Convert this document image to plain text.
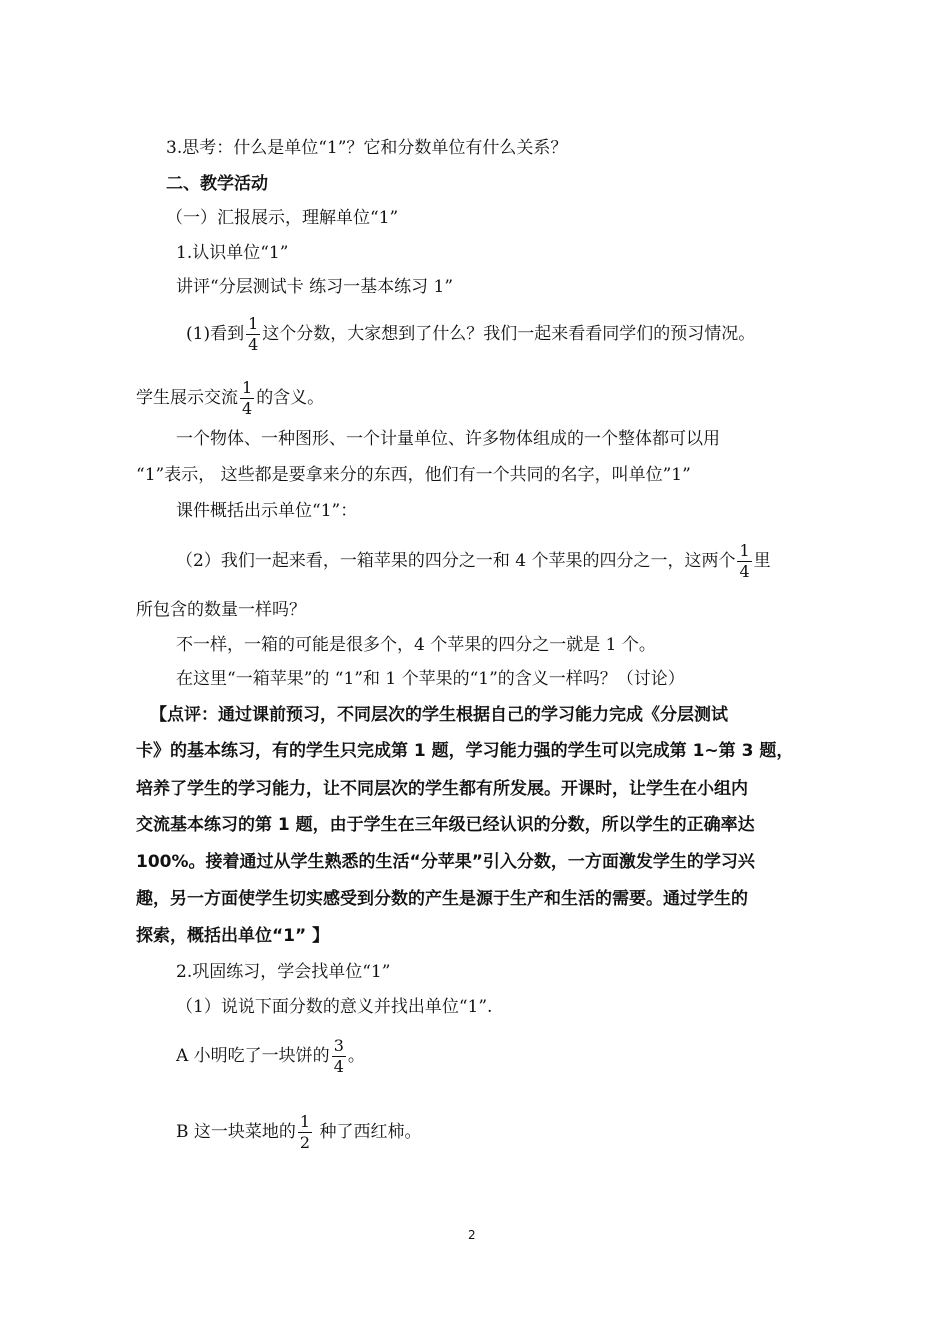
3.思考：什么是单位“1”？它和分数单位有什么关系？
二、教学活动
（一）汇报展示，理解单位“1”
1.认识单位“1”
讲评“分层测试卡 练习一基本练习 1”
(1)看到 $\frac{1}{4}$ 这个分数，大家想到了什么？我们一起来看看同学们的预习情况。
学生展示交流 $\frac{1}{4}$ 的含义。
一个物体、一种图形、一个计量单位、许多物体组成的一个整体都可以用
“1”表示， 这些都是要拿来分的东西，他们有一个共同的名字，叫单位”1”
课件概括出示单位“1”：
（2）我们一起来看，一箱苹果的四分之一和 4 个苹果的四分之一，这两个 $\frac{1}{4}$ 里
所包含的数量一样吗？
不一样，一箱的可能是很多个，4 个苹果的四分之一就是 1 个。
在这里“一箱苹果”的 “1”和 1 个苹果的“1”的含义一样吗？（讨论）
【点评：通过课前预习，不同层次的学生根据自己的学习能力完成《分层测试
卡》的基本练习，有的学生只完成第 1 题，学习能力强的学生可以完成第 1~第 3 题，
培养了学生的学习能力，让不同层次的学生都有所发展。开课时，让学生在小组内
交流基本练习的第 1 题，由于学生在三年级已经认识的分数，所以学生的正确率达
100%。接着通过从学生熟悉的生活“分苹果”引入分数，一方面激发学生的学习兴
趣，另一方面使学生切实感受到分数的产生是源于生产和生活的需要。通过学生的
探索，概括出单位“1” 】
2.巩固练习，学会找单位“1”
（1）说说下面分数的意义并找出单位“1”.
A 小明吃了一块饼的 $\frac{3}{4}$ 。
B 这一块菜地的 $\frac{1}{2}$ 种了西红柿。
2
